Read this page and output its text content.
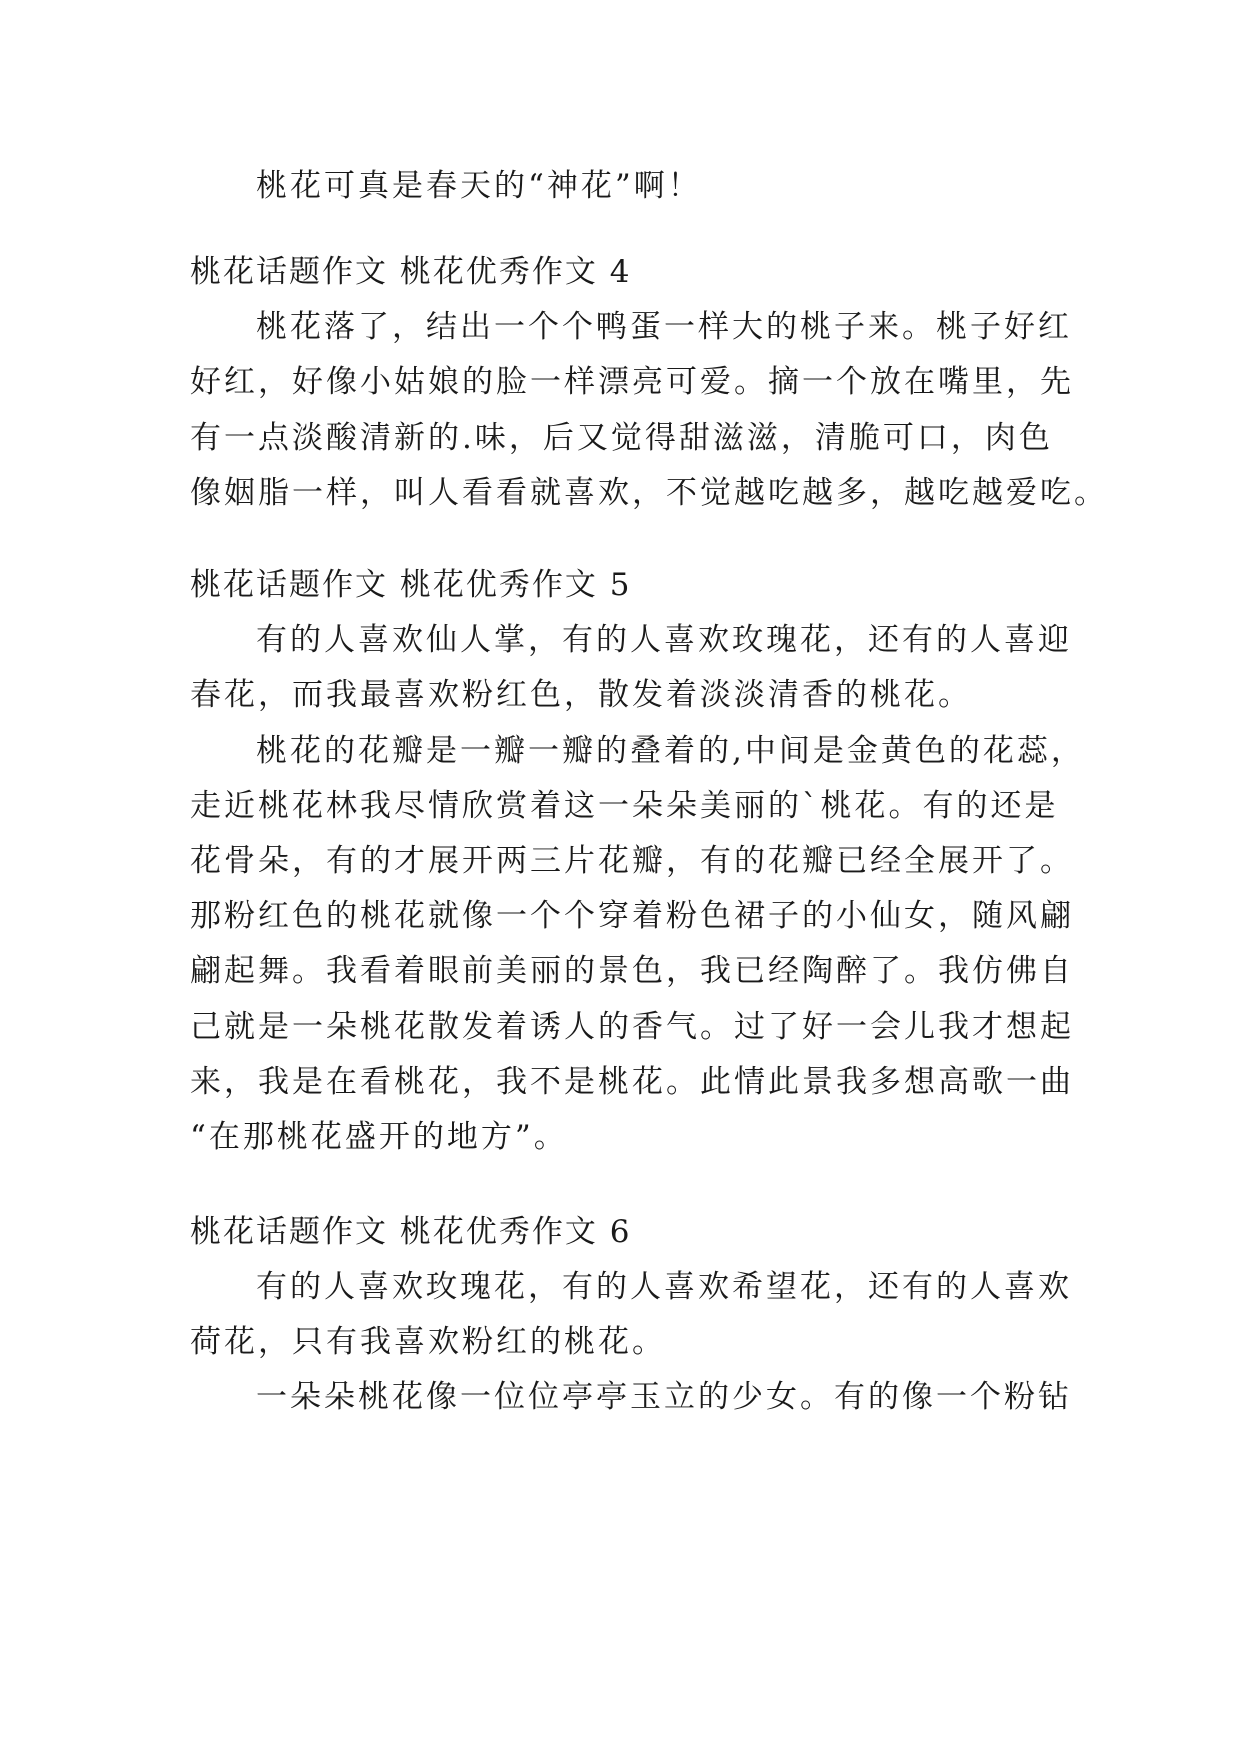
桃花可真是春天的“神花”啊！
桃花话题作文 桃花优秀作文 4
桃花落了，结出一个个鸭蛋一样大的桃子来。桃子好红
好红，好像小姑娘的脸一样漂亮可爱。摘一个放在嘴里，先
有一点淡酸清新的.味，后又觉得甜滋滋，清脆可口，肉色
像姻脂一样，叫人看看就喜欢，不觉越吃越多，越吃越爱吃。
桃花话题作文 桃花优秀作文 5
有的人喜欢仙人掌，有的人喜欢玫瑰花，还有的人喜迎
春花，而我最喜欢粉红色，散发着淡淡清香的桃花。
桃花的花瓣是一瓣一瓣的叠着的,中间是金黄色的花蕊，
走近桃花林我尽情欣赏着这一朵朵美丽的`桃花。有的还是
花骨朵，有的才展开两三片花瓣，有的花瓣已经全展开了。
那粉红色的桃花就像一个个穿着粉色裙子的小仙女，随风翩
翩起舞。我看着眼前美丽的景色，我已经陶醉了。我仿佛自
己就是一朵桃花散发着诱人的香气。过了好一会儿我才想起
来，我是在看桃花，我不是桃花。此情此景我多想高歌一曲
“在那桃花盛开的地方”。
桃花话题作文 桃花优秀作文 6
有的人喜欢玫瑰花，有的人喜欢希望花，还有的人喜欢
荷花，只有我喜欢粉红的桃花。
一朵朵桃花像一位位亭亭玉立的少女。有的像一个粉钻
